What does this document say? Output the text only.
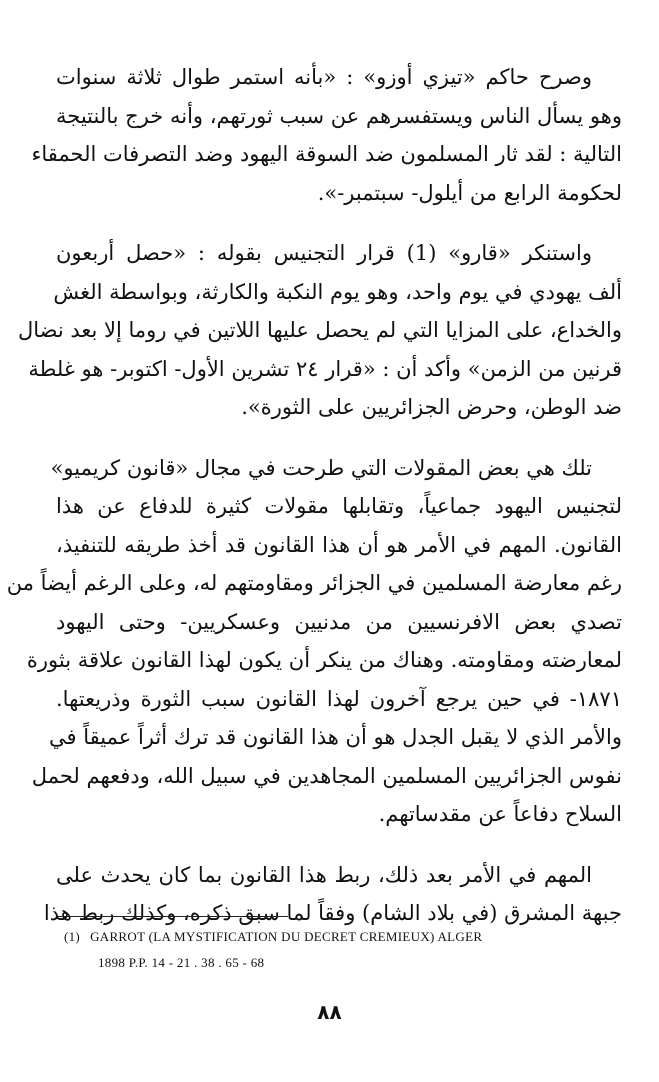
وصرح حاكم «تيزي أوزو» : «بأنه استمر طوال ثلاثة سنوات
وهو يسأل الناس ويستفسرهم عن سبب ثورتهم، وأنه خرج بالنتيجة
التالية : لقد ثار المسلمون ضد السوقة اليهود وضد التصرفات الحمقاء
لحكومة الرابع من أيلول- سبتمبر-».
واستنكر «قارو» (1) قرار التجنيس بقوله : «حصل أربعون
ألف يهودي في يوم واحد، وهو يوم النكبة والكارثة، وبواسطة الغش
والخداع، على المزايا التي لم يحصل عليها اللاتين في روما إلا بعد نضال
قرنين من الزمن» وأكد أن : «قرار ٢٤ تشرين الأول- اكتوبر- هو غلطة
ضد الوطن، وحرض الجزائريين على الثورة».
تلك هي بعض المقولات التي طرحت في مجال «قانون كريميو»
لتجنيس اليهود جماعياً، وتقابلها مقولات كثيرة للدفاع عن هذا
القانون. المهم في الأمر هو أن هذا القانون قد أخذ طريقه للتنفيذ،
رغم معارضة المسلمين في الجزائر ومقاومتهم له، وعلى الرغم أيضاً من
تصدي بعض الافرنسيين من مدنيين وعسكريين- وحتى اليهود
لمعارضته ومقاومته. وهناك من ينكر أن يكون لهذا القانون علاقة بثورة
١٨٧١- في حين يرجع آخرون لهذا القانون سبب الثورة وذريعتها.
والأمر الذي لا يقبل الجدل هو أن هذا القانون قد ترك أثراً عميقاً في
نفوس الجزائريين المسلمين المجاهدين في سبيل الله، ودفعهم لحمل
السلاح دفاعاً عن مقدساتهم.
المهم في الأمر بعد ذلك، ربط هذا القانون بما كان يحدث على
جبهة المشرق (في بلاد الشام) وفقاً لما سبق ذكره، وكذلك ربط هذا
(1) GARROT (LA MYSTIFICATION DU DECRET CREMIEUX) ALGER
1898 P.P. 14 - 21 . 38 . 65 - 68
٨٨
